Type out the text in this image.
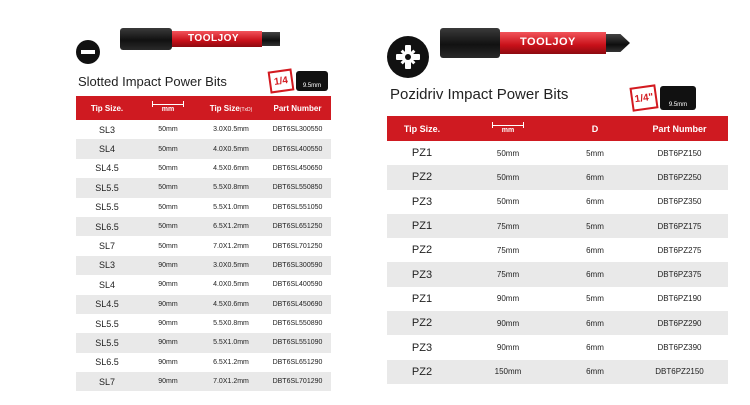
TOOLJOY
Slotted Impact Power Bits	1/4	9.5mm
Tip Size.	mm	Tip Size(TxD)	Part Number
SL3	50mm	3.0X0.5mm	DBT6SL300550
SL4	50mm	4.0X0.5mm	DBT6SL400550
SL4.5	50mm	4.5X0.6mm	DBT6SL450650
SL5.5	50mm	5.5X0.8mm	DBT6SL550850
SL5.5	50mm	5.5X1.0mm	DBT6SL551050
SL6.5	50mm	6.5X1.2mm	DBT6SL651250
SL7	50mm	7.0X1.2mm	DBT6SL701250
SL3	90mm	3.0X0.5mm	DBT6SL300590
SL4	90mm	4.0X0.5mm	DBT6SL400590
SL4.5	90mm	4.5X0.6mm	DBT6SL450690
SL5.5	90mm	5.5X0.8mm	DBT6SL550890
SL5.5	90mm	5.5X1.0mm	DBT6SL551090
SL6.5	90mm	6.5X1.2mm	DBT6SL651290
SL7	90mm	7.0X1.2mm	DBT6SL701290
TOOLJOY
Pozidriv Impact Power Bits	1/4"
9.5mm
Tip Size.	mm	D	Part Number
PZ1	50mm	5mm	DBT6PZ150
PZ2	50mm	6mm	DBT6PZ250
PZ3	50mm	6mm	DBT6PZ350
PZ1	75mm	5mm	DBT6PZ175
PZ2	75mm	6mm	DBT6PZ275
PZ3	75mm	6mm	DBT6PZ375
PZ1	90mm	5mm	DBT6PZ190
PZ2	90mm	6mm	DBT6PZ290
PZ3	90mm	6mm	DBT6PZ390
PZ2	150mm	6mm	DBT6PZ2150
